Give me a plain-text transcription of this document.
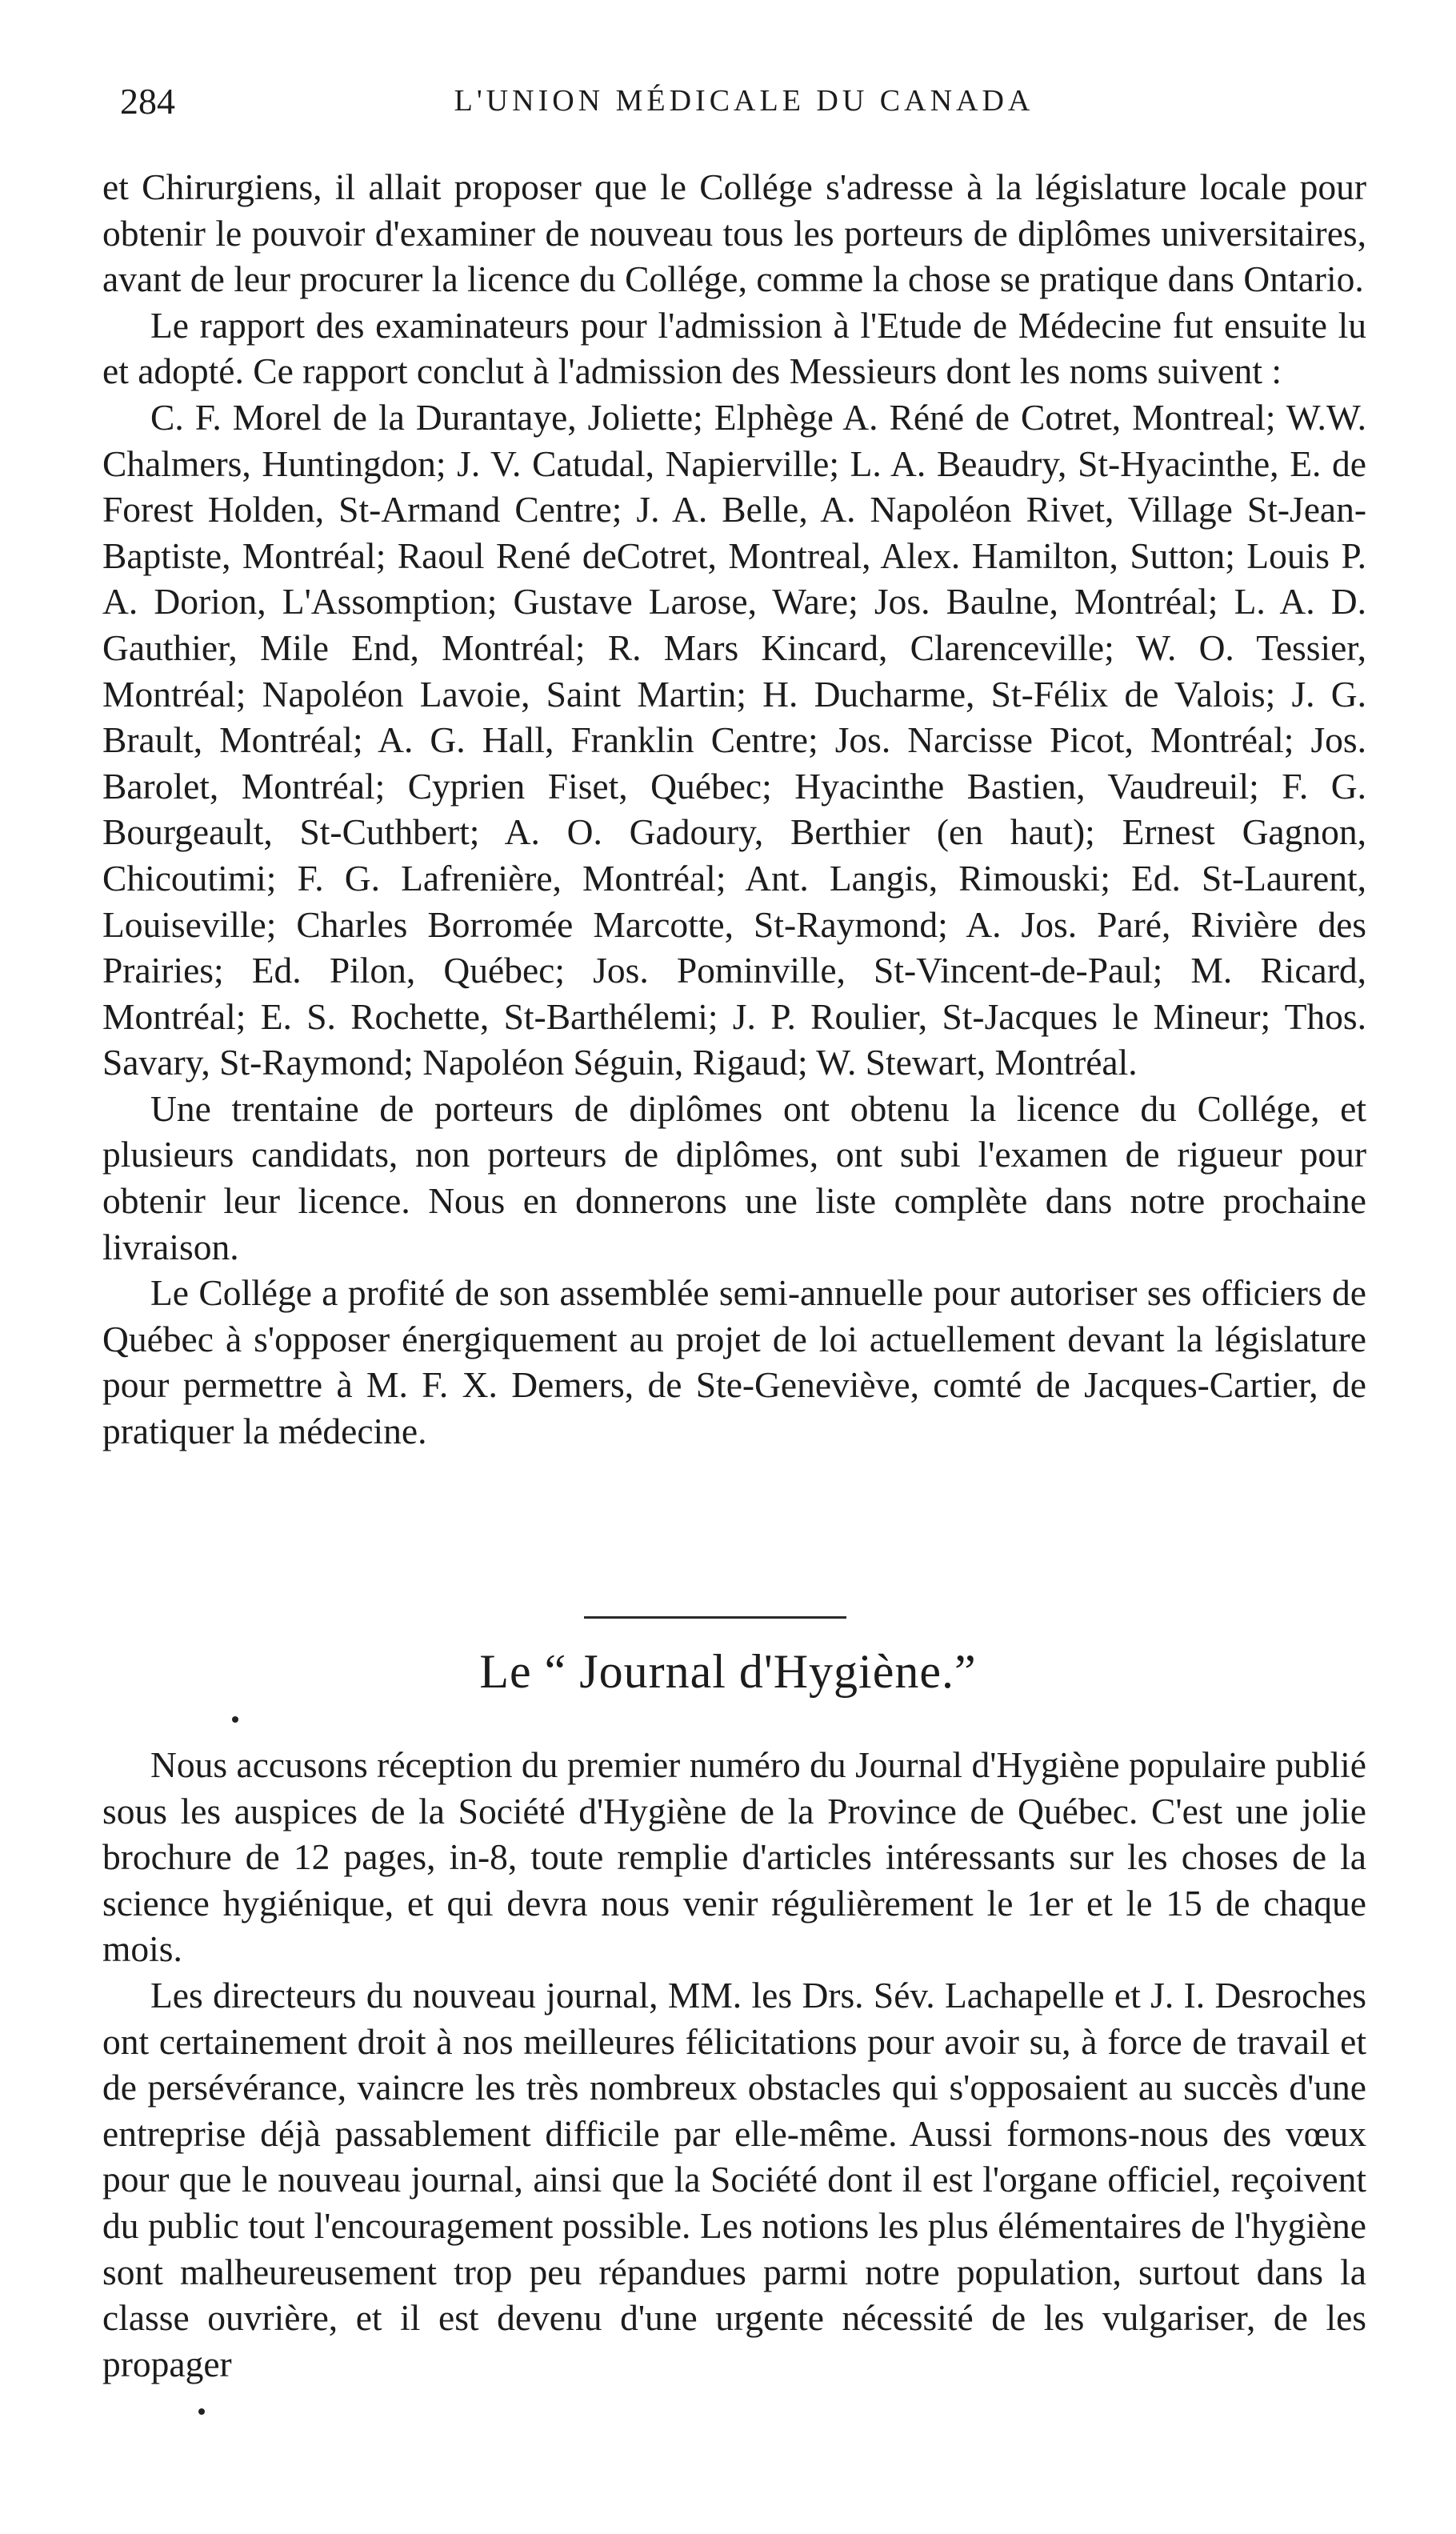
284	L'UNION MÉDICALE DU CANADA

et Chirurgiens, il allait proposer que le Collége s'adresse à la législature locale pour obtenir le pouvoir d'examiner de nouveau tous les porteurs de diplômes universitaires, avant de leur procurer la licence du Collége, comme la chose se pratique dans Ontario.

Le rapport des examinateurs pour l'admission à l'Etude de Médecine fut ensuite lu et adopté. Ce rapport conclut à l'admission des Messieurs dont les noms suivent :

C. F. Morel de la Durantaye, Joliette; Elphège A. Réné de Cotret, Montreal; W.W. Chalmers, Huntingdon; J. V. Catudal, Napierville; L. A. Beaudry, St-Hyacinthe, E. de Forest Holden, St-Armand Centre; J. A. Belle, A. Napoléon Rivet, Village St-Jean-Baptiste, Montréal; Raoul René deCotret, Montreal, Alex. Hamilton, Sutton; Louis P. A. Dorion, L'Assomption; Gustave Larose, Ware; Jos. Baulne, Montréal; L. A. D. Gauthier, Mile End, Montréal; R. Mars Kincard, Clarenceville; W. O. Tessier, Montréal; Napoléon Lavoie, Saint Martin; H. Ducharme, St-Félix de Valois; J. G. Brault, Montréal; A. G. Hall, Franklin Centre; Jos. Narcisse Picot, Montréal; Jos. Barolet, Montréal; Cyprien Fiset, Québec; Hyacinthe Bastien, Vaudreuil; F. G. Bourgeault, St-Cuthbert; A. O. Gadoury, Berthier (en haut); Ernest Gagnon, Chicoutimi; F. G. Lafrenière, Montréal; Ant. Langis, Rimouski; Ed. St-Laurent, Louiseville; Charles Borromée Marcotte, St-Raymond; A. Jos. Paré, Rivière des Prairies; Ed. Pilon, Québec; Jos. Pominville, St-Vincent-de-Paul; M. Ricard, Montréal; E. S. Rochette, St-Barthélemi; J. P. Roulier, St-Jacques le Mineur; Thos. Savary, St-Raymond; Napoléon Séguin, Rigaud; W. Stewart, Montréal.

Une trentaine de porteurs de diplômes ont obtenu la licence du Collége, et plusieurs candidats, non porteurs de diplômes, ont subi l'examen de rigueur pour obtenir leur licence. Nous en donnerons une liste complète dans notre prochaine livraison.

Le Collége a profité de son assemblée semi-annuelle pour autoriser ses officiers de Québec à s'opposer énergiquement au projet de loi actuellement devant la législature pour permettre à M. F. X. Demers, de Ste-Geneviève, comté de Jacques-Cartier, de pratiquer la médecine.

Le “ Journal d'Hygiène.”

Nous accusons réception du premier numéro du Journal d'Hygiène populaire publié sous les auspices de la Société d'Hygiène de la Province de Québec. C'est une jolie brochure de 12 pages, in-8, toute remplie d'articles intéressants sur les choses de la science hygiénique, et qui devra nous venir régulièrement le 1er et le 15 de chaque mois.

Les directeurs du nouveau journal, MM. les Drs. Sév. Lachapelle et J. I. Desroches ont certainement droit à nos meilleures félicitations pour avoir su, à force de travail et de persévérance, vaincre les très nombreux obstacles qui s'opposaient au succès d'une entreprise déjà passablement difficile par elle-même. Aussi formons-nous des vœux pour que le nouveau journal, ainsi que la Société dont il est l'organe officiel, reçoivent du public tout l'encouragement possible. Les notions les plus élémentaires de l'hygiène sont malheureusement trop peu répandues parmi notre population, surtout dans la classe ouvrière, et il est devenu d'une urgente nécessité de les vulgariser, de les propager
